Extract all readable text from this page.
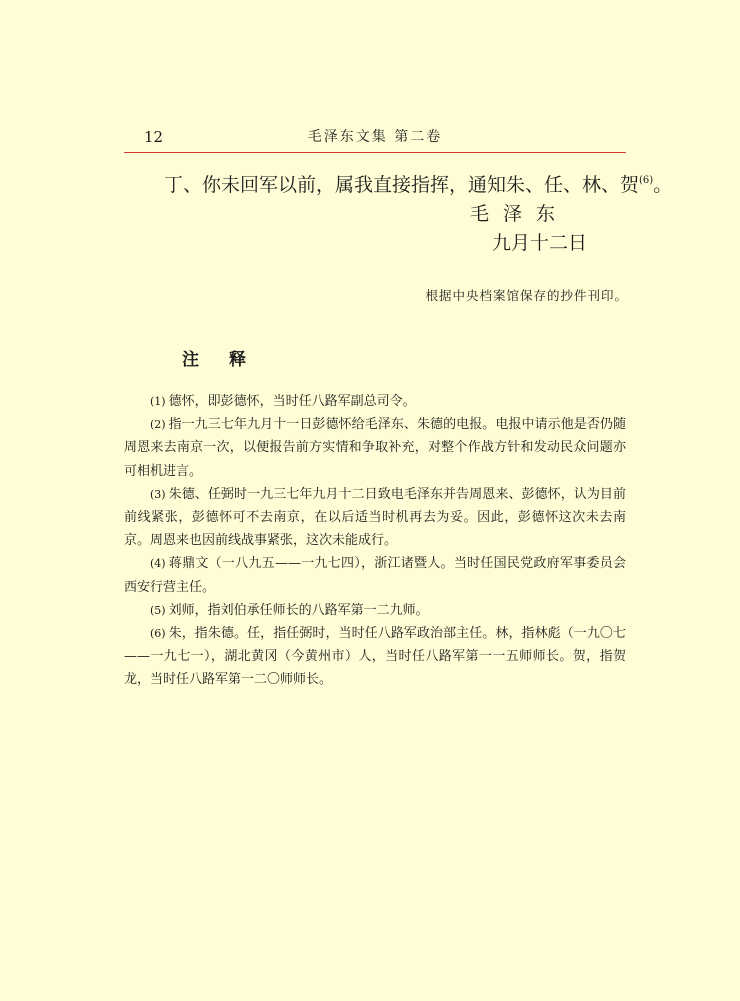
12	毛泽东文集 第二卷
丁、你未回军以前，属我直接指挥，通知朱、任、林、贺$^{(6)}$。
毛泽东
九月十二日
根据中央档案馆保存的抄件刊印。
注释

(1) 德怀，即彭德怀，当时任八路军副总司令。

(2) 指一九三七年九月十一日彭德怀给毛泽东、朱德的电报。电报中请示他是否仍随周恩来去南京一次，以便报告前方实情和争取补充，对整个作战方针和发动民众问题亦可相机进言。

(3) 朱德、任弼时一九三七年九月十二日致电毛泽东并告周恩来、彭德怀，认为目前前线紧张，彭德怀可不去南京，在以后适当时机再去为妥。因此，彭德怀这次未去南京。周恩来也因前线战事紧张，这次未能成行。

(4) 蒋鼎文（一八九五——一九七四），浙江诸暨人。当时任国民党政府军事委员会西安行营主任。

(5) 刘师，指刘伯承任师长的八路军第一二九师。

(6) 朱，指朱德。任，指任弼时，当时任八路军政治部主任。林，指林彪（一九〇七——一九七一），湖北黄冈（今黄州市）人，当时任八路军第一一五师师长。贺，指贺龙，当时任八路军第一二〇师师长。
